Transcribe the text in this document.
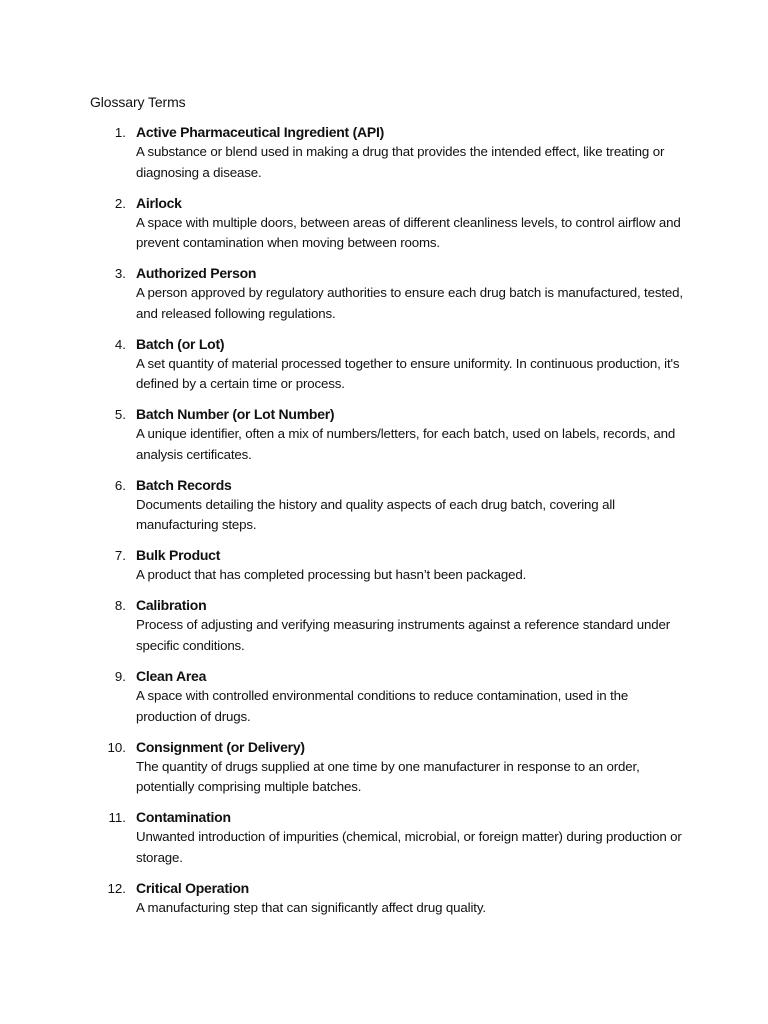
Glossary Terms
1. Active Pharmaceutical Ingredient (API)
A substance or blend used in making a drug that provides the intended effect, like treating or diagnosing a disease.
2. Airlock
A space with multiple doors, between areas of different cleanliness levels, to control airflow and prevent contamination when moving between rooms.
3. Authorized Person
A person approved by regulatory authorities to ensure each drug batch is manufactured, tested, and released following regulations.
4. Batch (or Lot)
A set quantity of material processed together to ensure uniformity. In continuous production, it's defined by a certain time or process.
5. Batch Number (or Lot Number)
A unique identifier, often a mix of numbers/letters, for each batch, used on labels, records, and analysis certificates.
6. Batch Records
Documents detailing the history and quality aspects of each drug batch, covering all manufacturing steps.
7. Bulk Product
A product that has completed processing but hasn’t been packaged.
8. Calibration
Process of adjusting and verifying measuring instruments against a reference standard under specific conditions.
9. Clean Area
A space with controlled environmental conditions to reduce contamination, used in the production of drugs.
10. Consignment (or Delivery)
The quantity of drugs supplied at one time by one manufacturer in response to an order, potentially comprising multiple batches.
11. Contamination
Unwanted introduction of impurities (chemical, microbial, or foreign matter) during production or storage.
12. Critical Operation
A manufacturing step that can significantly affect drug quality.
